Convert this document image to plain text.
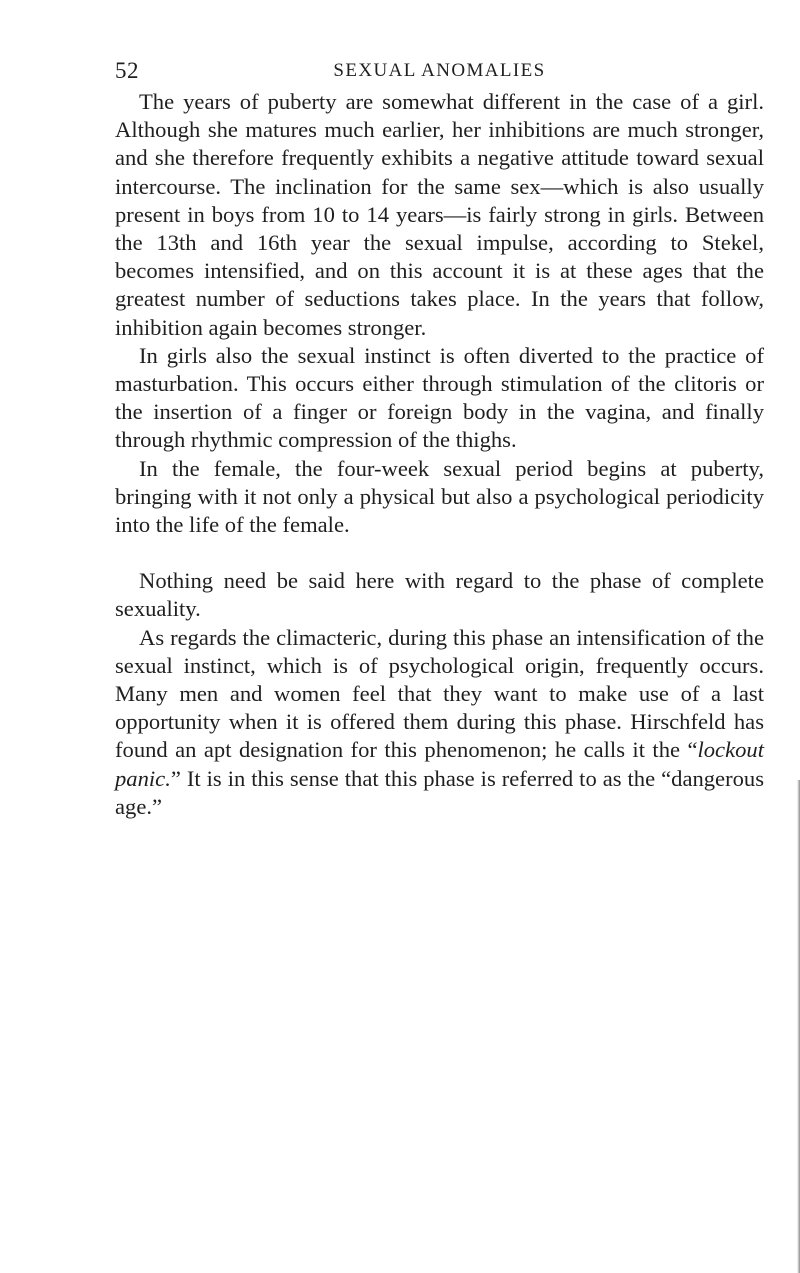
52	SEXUAL ANOMALIES

The years of puberty are somewhat different in the case of a girl. Although she matures much earlier, her inhibitions are much stronger, and she therefore frequently exhibits a negative attitude toward sexual intercourse. The inclination for the same sex—which is also usually present in boys from 10 to 14 years—is fairly strong in girls. Between the 13th and 16th year the sexual impulse, according to Stekel, becomes intensified, and on this account it is at these ages that the greatest number of seductions takes place. In the years that follow, inhibition again becomes stronger.

In girls also the sexual instinct is often diverted to the practice of masturbation. This occurs either through stimulation of the clitoris or the insertion of a finger or foreign body in the vagina, and finally through rhythmic compression of the thighs.

In the female, the four-week sexual period begins at puberty, bringing with it not only a physical but also a psychological periodicity into the life of the female.

Nothing need be said here with regard to the phase of complete sexuality.

As regards the climacteric, during this phase an intensification of the sexual instinct, which is of psychological origin, frequently occurs. Many men and women feel that they want to make use of a last opportunity when it is offered them during this phase. Hirschfeld has found an apt designation for this phenomenon; he calls it the “lockout panic.” It is in this sense that this phase is referred to as the “dangerous age.”
